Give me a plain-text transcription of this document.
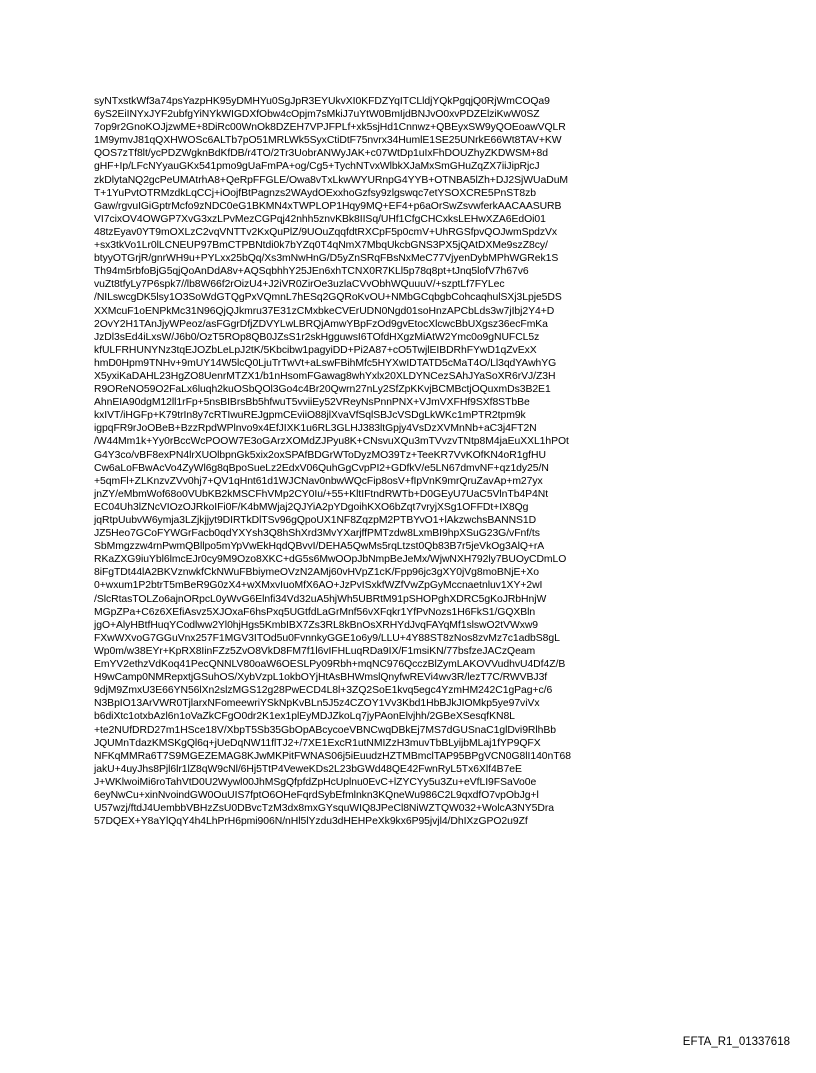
syNTxstkWf3a74psYazpHK95yDMHYu0SgJpR3EYUkvXI0KFDZYqITCLldjYQkPgqjQ0RjWmCOQa9
6yS2EiINYxJYF2ubfgYiNYkWIGDXfObw4cOpjm7sMkiJ7uYtW0BmIjdBNJvO0xvPDZElziKwW0SZ
7op9r2GnoKOJjzwME+8DiRc00WnOk8DZEH7VPJFPLf+xk5sjHd1Cnnwz+QBEyxSW9yQOEoawVQLR
1M9ymvJ81qQXHWOSc6ALTb7pO51MRLWk5SyxCtiDtF75nvrx34HumlE1SE25UNrkE66Wt8TAV+KW
QOS7zTf8lt/ycPDZWgknBdKfDB/r4TO/2Tr3UobrANWyJAK+c07WtDp1uIxFhDOUZhyZKDWSM+8d
gHF+Ip/LFcNYyauGKx541pmo9gUaFmPA+og/Cg5+TychNTvxWlbkXJaMxSmGHuZqZX7iiJipRjcJ
zkDlytaNQ2gcPeUMAtrhA8+QeRpFFGLE/Owa8vTxLkwWYURnpG4YYB+OTNBA5lZh+DJ2SjWUaDuM
T+1YuPvtOTRMzdkLqCCj+iOojfBtPagnzs2WAydOExxhoGzfsy9zlgswqc7etYSOXCRE5PnST8zb
Gaw/rgvuIGiGptrMcfo9zNDC0eG1BKMN4xTWPLOP1Hqy9MQ+EF4+p6aOrSwZsvwferkAACAASURB
VI7cixOV4OWGP7XvG3xzLPvMezCGPqj42nhh5znvKBk8IISq/UHf1CfgCHCxksLEHwXZA6EdOi01
48tzEyav0YT9mOXLzC2vqVNTTv2KxQuPlZ/9UOuZqqfdtRXCpF5p0cmV+UhRGSfpvQOJwmSpdzVx
+sx3tkVo1Lr0lLCNEUP97BmCTPBNtdi0k7bYZq0T4qNmX7MbqUkcbGNS3PX5jQAtDXMe9szZ8cy/
btyyOTGrjR/gnrWH9u+PYLxx25bQq/Xs3mNwHnG/D5yZnSRqFBsNxMeC77VjyenDybMPhWGRek1S
Th94m5rbfoBjG5qjQoAnDdA8v+AQSqbhhY25JEn6xhTCNX0R7KLl5p78q8pt+tJnq5lofV7h67v6
vuZt8tfyLy7P6spk7//lb8W66f2rOizU4+J2iVR0ZirOe3uzlaCVvObhWQuuuV/+szptLf7FYLec
/NILswcgDK5lsy1O3SoWdGTQgPxVQmnL7hESq2GQRoKvOU+NMbGCqbgbCohcaqhulSXj3Lpje5DS
XXMcuF1oENPkMc31N96QjQJkmru37E31zCMxbkeCVErUDN0Ngd01soHnzAPCbLds3w7jIbj2Y4+D
2OvY2H1TAnJjyWPeoz/asFGgrDfjZDVYLwLBRQjAmwYBpFzOd9gvEtocXlcwcBbUXgsz36ecFmKa
JzDl3sEd4iLxsW/J6b0/OzT5ROp8QB0JZsS1r2skHgguwsI6TOfdHXgzMiAtW2Ymc0o9gNUFCL5z
kfULFRHUNYNz3tqEJOZbLeLpJ2tK/5Kbcibw1pagyiDD+Pi2A87+cO5TwjlEIBDRhFYwD1qZvExX
hmD0Hpm9TNHv+9mUY14W5lcQ0LjuTrTwVt+aLswFBihMfc5HYXwIDTATD5cMaT4O/Ll3qdYAwhYG
X5yxiKaDAHL23HgZO8UenrMTZX1/b1nHsomFGawag8whYxlx20XLDYNCezSAhJYaSoXR6rVJ/Z3H
R9OReNO59O2FaLx6luqh2kuOSbQOl3Go4c4Br20Qwrn27nLy2SfZpKKvjBCMBctjOQuxmDs3B2E1
AhnEIA90dgM12ll1rFp+5nsBIBrsBb5hfwuT5vviiEy52VReyNsPnnPNX+VJmVXFHf9SXf8STbBe
kxIVT/iHGFp+K79trIn8y7cRTIwuREJgpmCEviiO88jlXvaVfSqlSBJcVSDgLkWKc1mPTR2tpm9k
igpqFR9rJoOBeB+BzzRpdWPlnvo9x4EfJIXK1u6RL3GLHJ383ltGpjy4VsDzXVMnNb+aC3j4FT2N
/W44Mm1k+Yy0rBccWcPOOW7E3oGArzXOMdZJPyu8K+CNsvuXQu3mTVvzvTNtp8M4jaEuXXL1hPOt
G4Y3co/vBF8exPN4lrXUOlbpnGk5xix2oxSPAfBDGrWToDyzMO39Tz+TeeKR7VvKOfKN4oR1gfHU
Cw6aLoFBwAcVo4ZyWl6g8qBpoSueLz2EdxV06QuhGgCvpPI2+GDfkV/e5LN67dmvNF+qz1dy25/N
+5qmFl+ZLKnzvZVv0hj7+QV1qHnt61d1WJCNav0nbwWQcFip8osV+fIpVnK9mrQruZavAp+m27yx
jnZY/eMbmWof68o0VUbKB2kMSCFhVMp2CY0Iu/+55+KltIFtndRWTb+D0GEyU7UaC5VlnTb4P4Nt
EC04Uh3lZNcVIOzOJRkoIFi0F/K4bMWjaj2QJYiA2pYDgoihKXO6bZqt7vryjXSg1OFFDt+IX8Qg
jqRtpUubvW6ymja3LZjkjjyt9DIRTkDlTSv96gQpoUX1NF8ZqzpM2PTBYvO1+lAkzwchsBANNS1D
JZ5Heo7GCoFYWGrFacb0qdYXYsh3Q8hShXrd3MvYXarjffPMTzdw8LxmBI9hpXSuG23G/vFnf/ts
SbMmgzzw4rnPwmQBllpo5mYpVwEkHqdQBvvI/DEHA5QwMs5rqLtzst0Qb83B7r5jeVkOg3AlQ+rA
RKaZXG9iuYbl6lmcEJr0cy9M9Ozo8XKC+dG5s6MwOOpJbNmpBeJeMx/WjwNXH792ly7BUOyCDmLO
8iFgTDt44lA2BKVznwkfCkNWuFBbiymeOVzN2AMj60vHVpZ1cK/Fpp96jc3gXY0jVg8moBNjE+Xo
0+wxum1P2btrT5mBeR9G0zX4+wXMxvIuoMfX6AO+JzPvISxkfWZfVwZpGyMccnaetnluv1XY+2wI
/SlcRtasTOLZo6ajnORpcL0yWvG6Elnfi34Vd32uA5hjWh5UBRtM91pSHOPghXDRC5gKoJRbHnjW
MGpZPa+C6z6XEfiAsvz5XJOxaF6hsPxq5UGtfdLaGrMnf56vXFqkr1YfPvNozs1H6FkS1/GQXBln
jgO+AlyHBtfHuqYCodlww2Yl0hjHgs5KmbIBX7Zs3RL8kBnOsXRHYdJvqFAYqMf1slswO2tVWxw9
FXwWXvoG7GGuVnx257F1MGV3ITOd5u0FvnnkyGGE1o6y9/LLU+4Y88ST8zNos8zvMz7c1adbS8gL
Wp0m/w38EYr+KpRX8IinFZz5ZvO8VkD8FM7f1l6vIFHLuqRDa9IX/F1msiKN/77bsfzeJACzQeam
EmYV2ethzVdKoq41PecQNNLV80oaW6OESLPy09Rbh+mqNC976QcczBlZymLAKOVVudhvU4Df4Z/B
H9wCamp0NMRepxtjGSuhOS/XybVzpL1okbOYjHtAsBHWmslQnyfwREVi4wv3R/lezT7C/RWVBJ3f
9djM9ZmxU3E66YN56lXn2slzMGS12g28PwECD4L8l+3ZQ2SoE1kvq5egc4YzmHM242C1gPag+c/6
N3BpIO13ArVWR0TjlarxNFomeewriYSkNpKvBLn5J5z4CZOY1Vv3Kbd1HbBJkJIOMkp5ye97viVx
b6diXtc1otxbAzl6n1oVaZkCFgO0dr2K1ex1plEyMDJZkoLq7jyPAonElvjhh/2GBeXSesqfKN8L
+te2NUfDRD27m1HSce18V/XbpT5Sb35GbOpABcycoeVBNCwqDBkEj7MS7dGUSnaC1glDvi9RlhBb
JQUMnTdazKMSKgQl6q+jUeDqNW11flTJ2+/7XE1ExcR1utNMIZzH3muvTbBLyijbMLaj1fYP9QFX
NFKqMMRa6T7S9MGEZEMAG8KJwMKPitFWNAS06j5iEuudzHZTMBmclTAP95BPgVCN0G8lI140nT68
jakU+4uyJhs8Pjl6lr1lZ8qW9cNl/6Hj5TtP4VeweKDs2L23bGWd48QE42FwnRyL5Tx6Xlf4B7eE
J+WKlwoiMi6roTahVtD0U2Wywl00JhMSgQfpfdZpHcUplnu0EvC+lZYCYy5u3Zu+eVfLI9FSaVo0e
6eyNwCu+xinNvoindGW0OuUIS7fptO6OHeFqrdSybEfmlnkn3KQneWu986C2L9qxdfO7vpObJg+l
U57wzj/ftdJ4UembbVBHzZsU0DBvcTzM3dx8mxGYsquWIQ8JPeCl8NiWZTQW032+WolcA3NY5Dra
57DQEX+Y8aYlQqY4h4LhPrH6pmi906N/nHl5lYzdu3dHEHPeXk9kx6P95jvjl4/DhIXzGPO2u9Zf

EFTA_R1_01337618
